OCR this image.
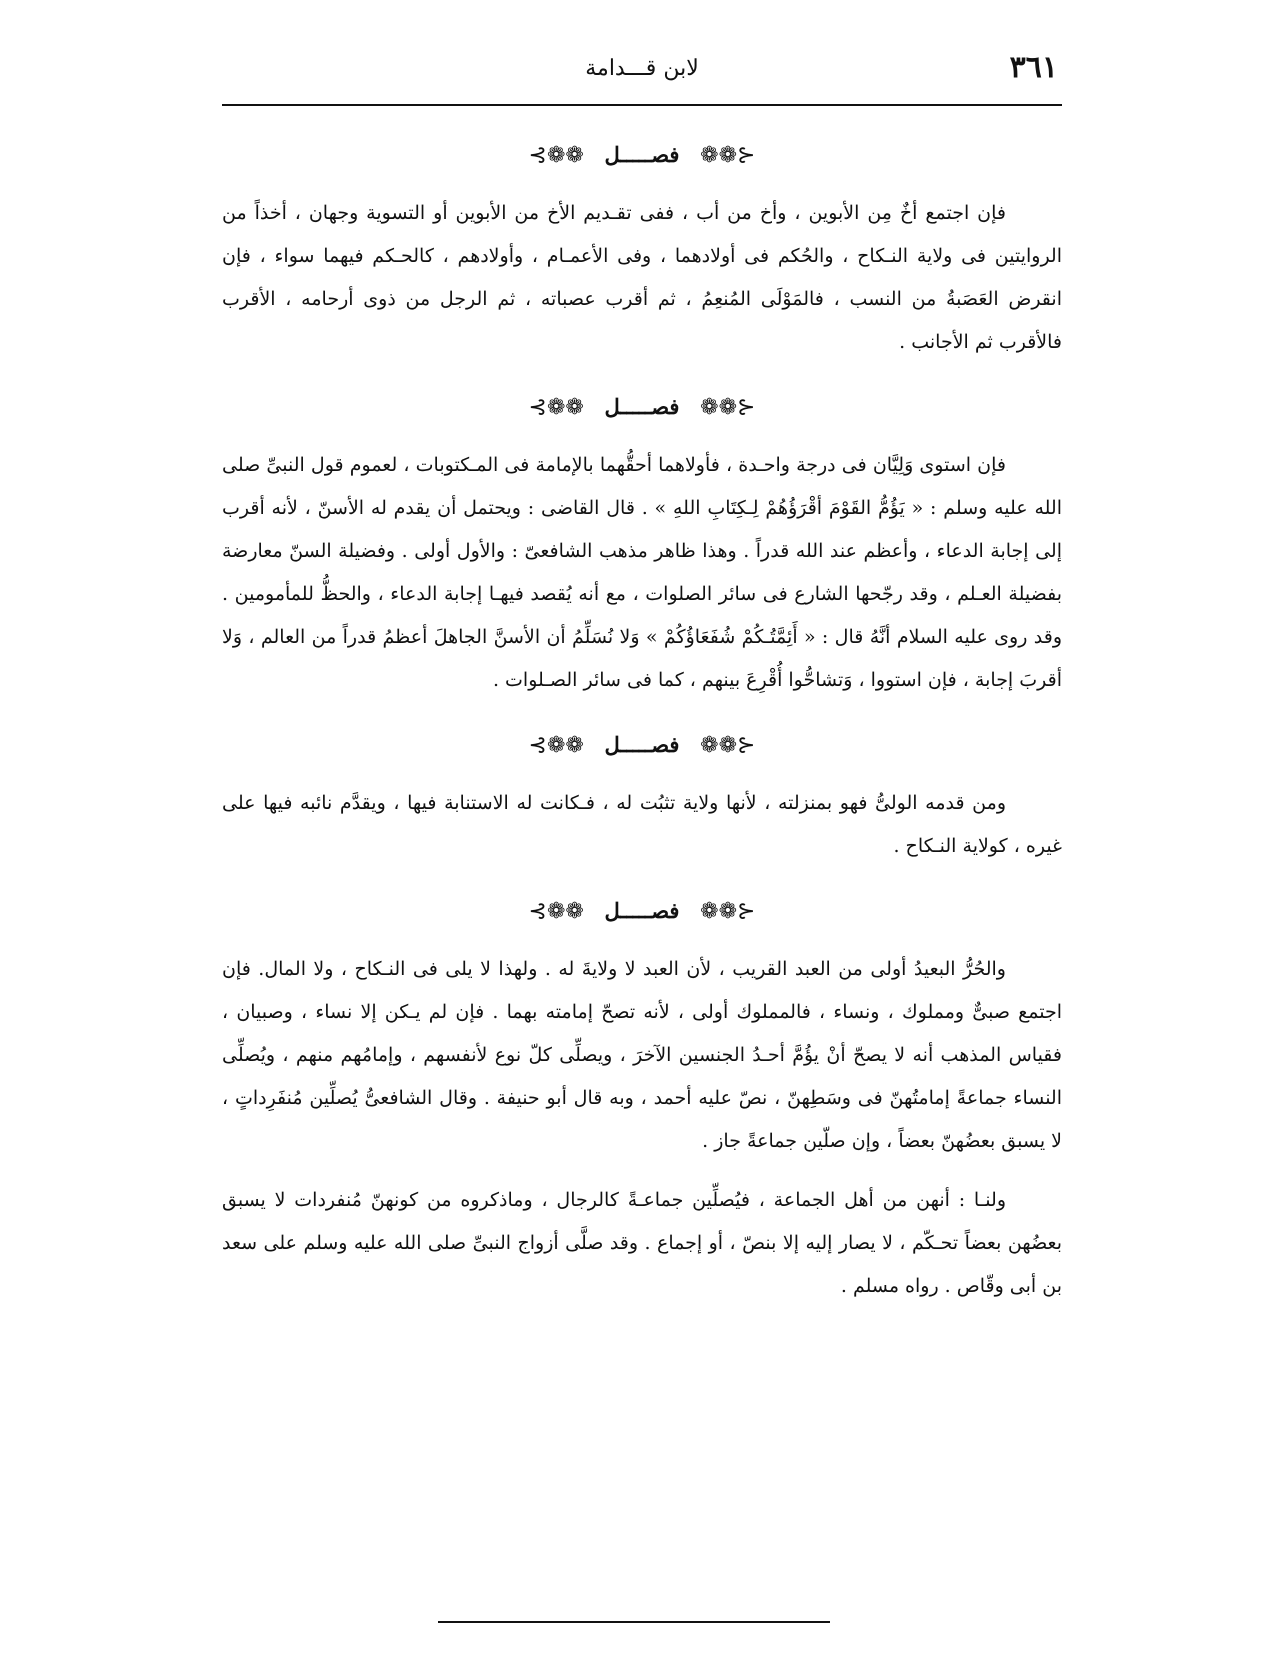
٣٦١
لابن قـــدامة
⊰❁❁ فصـــــل ❁❁⊱

فإن اجتمع أخٌ مِن الأبوين ، وأخ من أب ، ففى تقـديم الأخ من الأبوين أو التسوية وجهان ، أخذاً من الروايتين فى ولاية النـكاح ، والحُكم فى أولادهما ، وفى الأعمـام ، وأولادهم ، كالحـكم فيهما سواء ، فإن انقرض العَصَبةُ من النسب ، فالمَوْلَى المُنعِمُ ، ثم أقرب عصباته ، ثم الرجل من ذوى أرحامه ، الأقرب فالأقرب ثم الأجانب .

⊰❁❁ فصـــــل ❁❁⊱

فإن استوى وَلِيَّان فى درجة واحـدة ، فأولاهما أحقُّهما بالإمامة فى المـكتوبات ، لعموم قول النبىِّ صلى الله عليه وسلم : « يَؤُمُّ القَوْمَ أقْرَؤُهُمْ لِـكِتَابِ اللهِ » . قال القاضى : ويحتمل أن يقدم له الأسنّ ، لأنه أقرب إلى إجابة الدعاء ، وأعظم عند الله قدراً . وهذا ظاهر مذهب الشافعىّ : والأول أولى . وفضيلة السنّ معارضة بفضيلة العـلم ، وقد رجّحها الشارع فى سائر الصلوات ، مع أنه يُقصد فيهـا إجابة الدعاء ، والحظُّ للمأمومين . وقد روى عليه السلام أنَّهُ قال : « أَئِمَّتُـكُمْ شُفَعَاؤُكُمْ » وَلا نُسَلِّمُ أن الأسنَّ الجاهلَ أعظمُ قدراً من العالم ، وَلا أقربَ إجابة ، فإن استووا ، وَتشاحُّوا أُقْرِعَ بينهم ، كما فى سائر الصـلوات .

⊰❁❁ فصـــــل ❁❁⊱

ومن قدمه الولىُّ فهو بمنزلته ، لأنها ولاية تثبُت له ، فـكانت له الاستنابة فيها ، ويقدَّم نائبه فيها على غيره ، كولاية النـكاح .

⊰❁❁ فصـــــل ❁❁⊱

والحُرُّ البعيدُ أولى من العبد القريب ، لأن العبد لا ولايةَ له . ولهذا لا يلى فى النـكاح ، ولا المال. فإن اجتمع صبىٌّ ومملوك ، ونساء ، فالمملوك أولى ، لأنه تصحّ إمامته بهما . فإن لم يـكن إلا نساء ، وصبيان ، فقياس المذهب أنه لا يصحّ أنْ يؤُمَّ أحـدُ الجنسين الآخرَ ، ويصلِّى كلّ نوع لأنفسهم ، وإمامُهم منهم ، ويُصلِّى النساء جماعةً إمامتُهنّ فى وسَطِهنّ ، نصّ عليه أحمد ، وبه قال أبو حنيفة . وقال الشافعىُّ يُصلِّين مُنفَرِداتٍ ، لا يسبق بعضُهنّ بعضاً ، وإن صلّين جماعةً جاز .

ولنـا : أنهن من أهل الجماعة ، فيُصلِّين جماعـةً كالرجال ، وماذكروه من كونهنّ مُنفردات لا يسبق بعضُهن بعضاً تحـكّم ، لا يصار إليه إلا بنصّ ، أو إجماع . وقد صلَّى أزواج النبىِّ صلى الله عليه وسلم على سعد بن أبى وقّاص . رواه مسلم .
